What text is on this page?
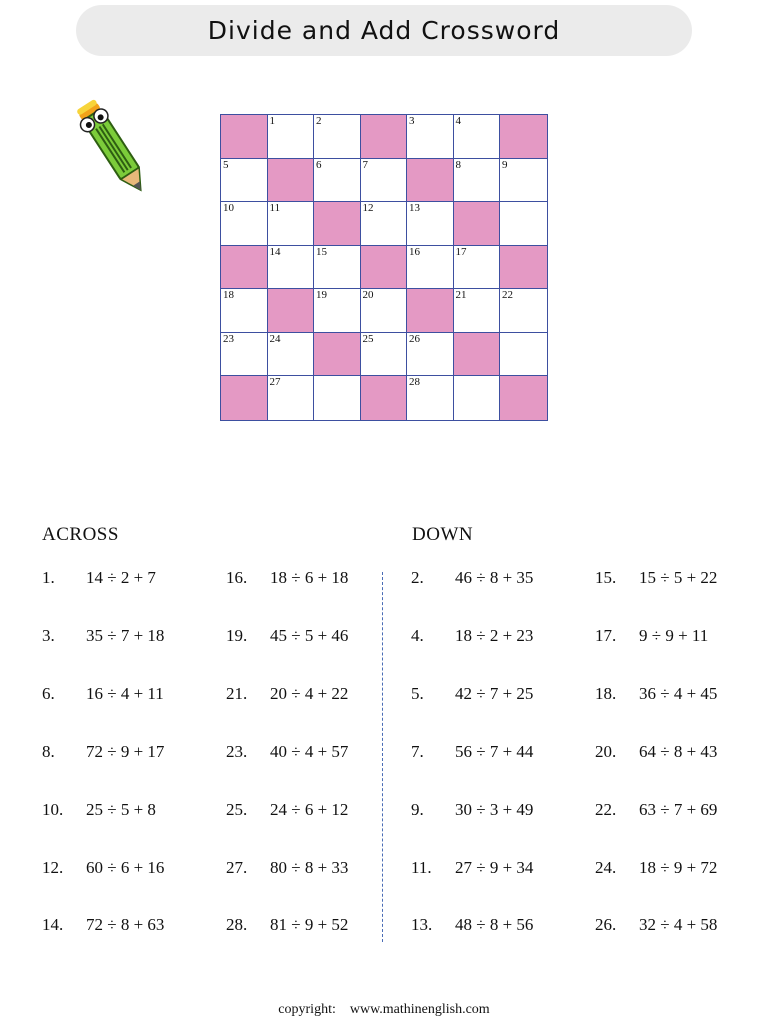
Divide and Add Crossword
1	2	3	4
5	6	7	8	9
10	11	12	13
14	15	16	17
18	19	20	21	22
23	24	25	26
27	28
ACROSS	DOWN
1. 14 ÷ 2 + 7
3. 35 ÷ 7 + 18
6. 16 ÷ 4 + 11
8. 72 ÷ 9 + 17
10. 25 ÷ 5 + 8
12. 60 ÷ 6 + 16
14. 72 ÷ 8 + 63
16. 18 ÷ 6 + 18
19. 45 ÷ 5 + 46
21. 20 ÷ 4 + 22
23. 40 ÷ 4 + 57
25. 24 ÷ 6 + 12
27. 80 ÷ 8 + 33
28. 81 ÷ 9 + 52
2. 46 ÷ 8 + 35
4. 18 ÷ 2 + 23
5. 42 ÷ 7 + 25
7. 56 ÷ 7 + 44
9. 30 ÷ 3 + 49
11. 27 ÷ 9 + 34
13. 48 ÷ 8 + 56
15. 15 ÷ 5 + 22
17. 9 ÷ 9 + 11
18. 36 ÷ 4 + 45
20. 64 ÷ 8 + 43
22. 63 ÷ 7 + 69
24. 18 ÷ 9 + 72
26. 32 ÷ 4 + 58
copyright:    www.mathinenglish.com
